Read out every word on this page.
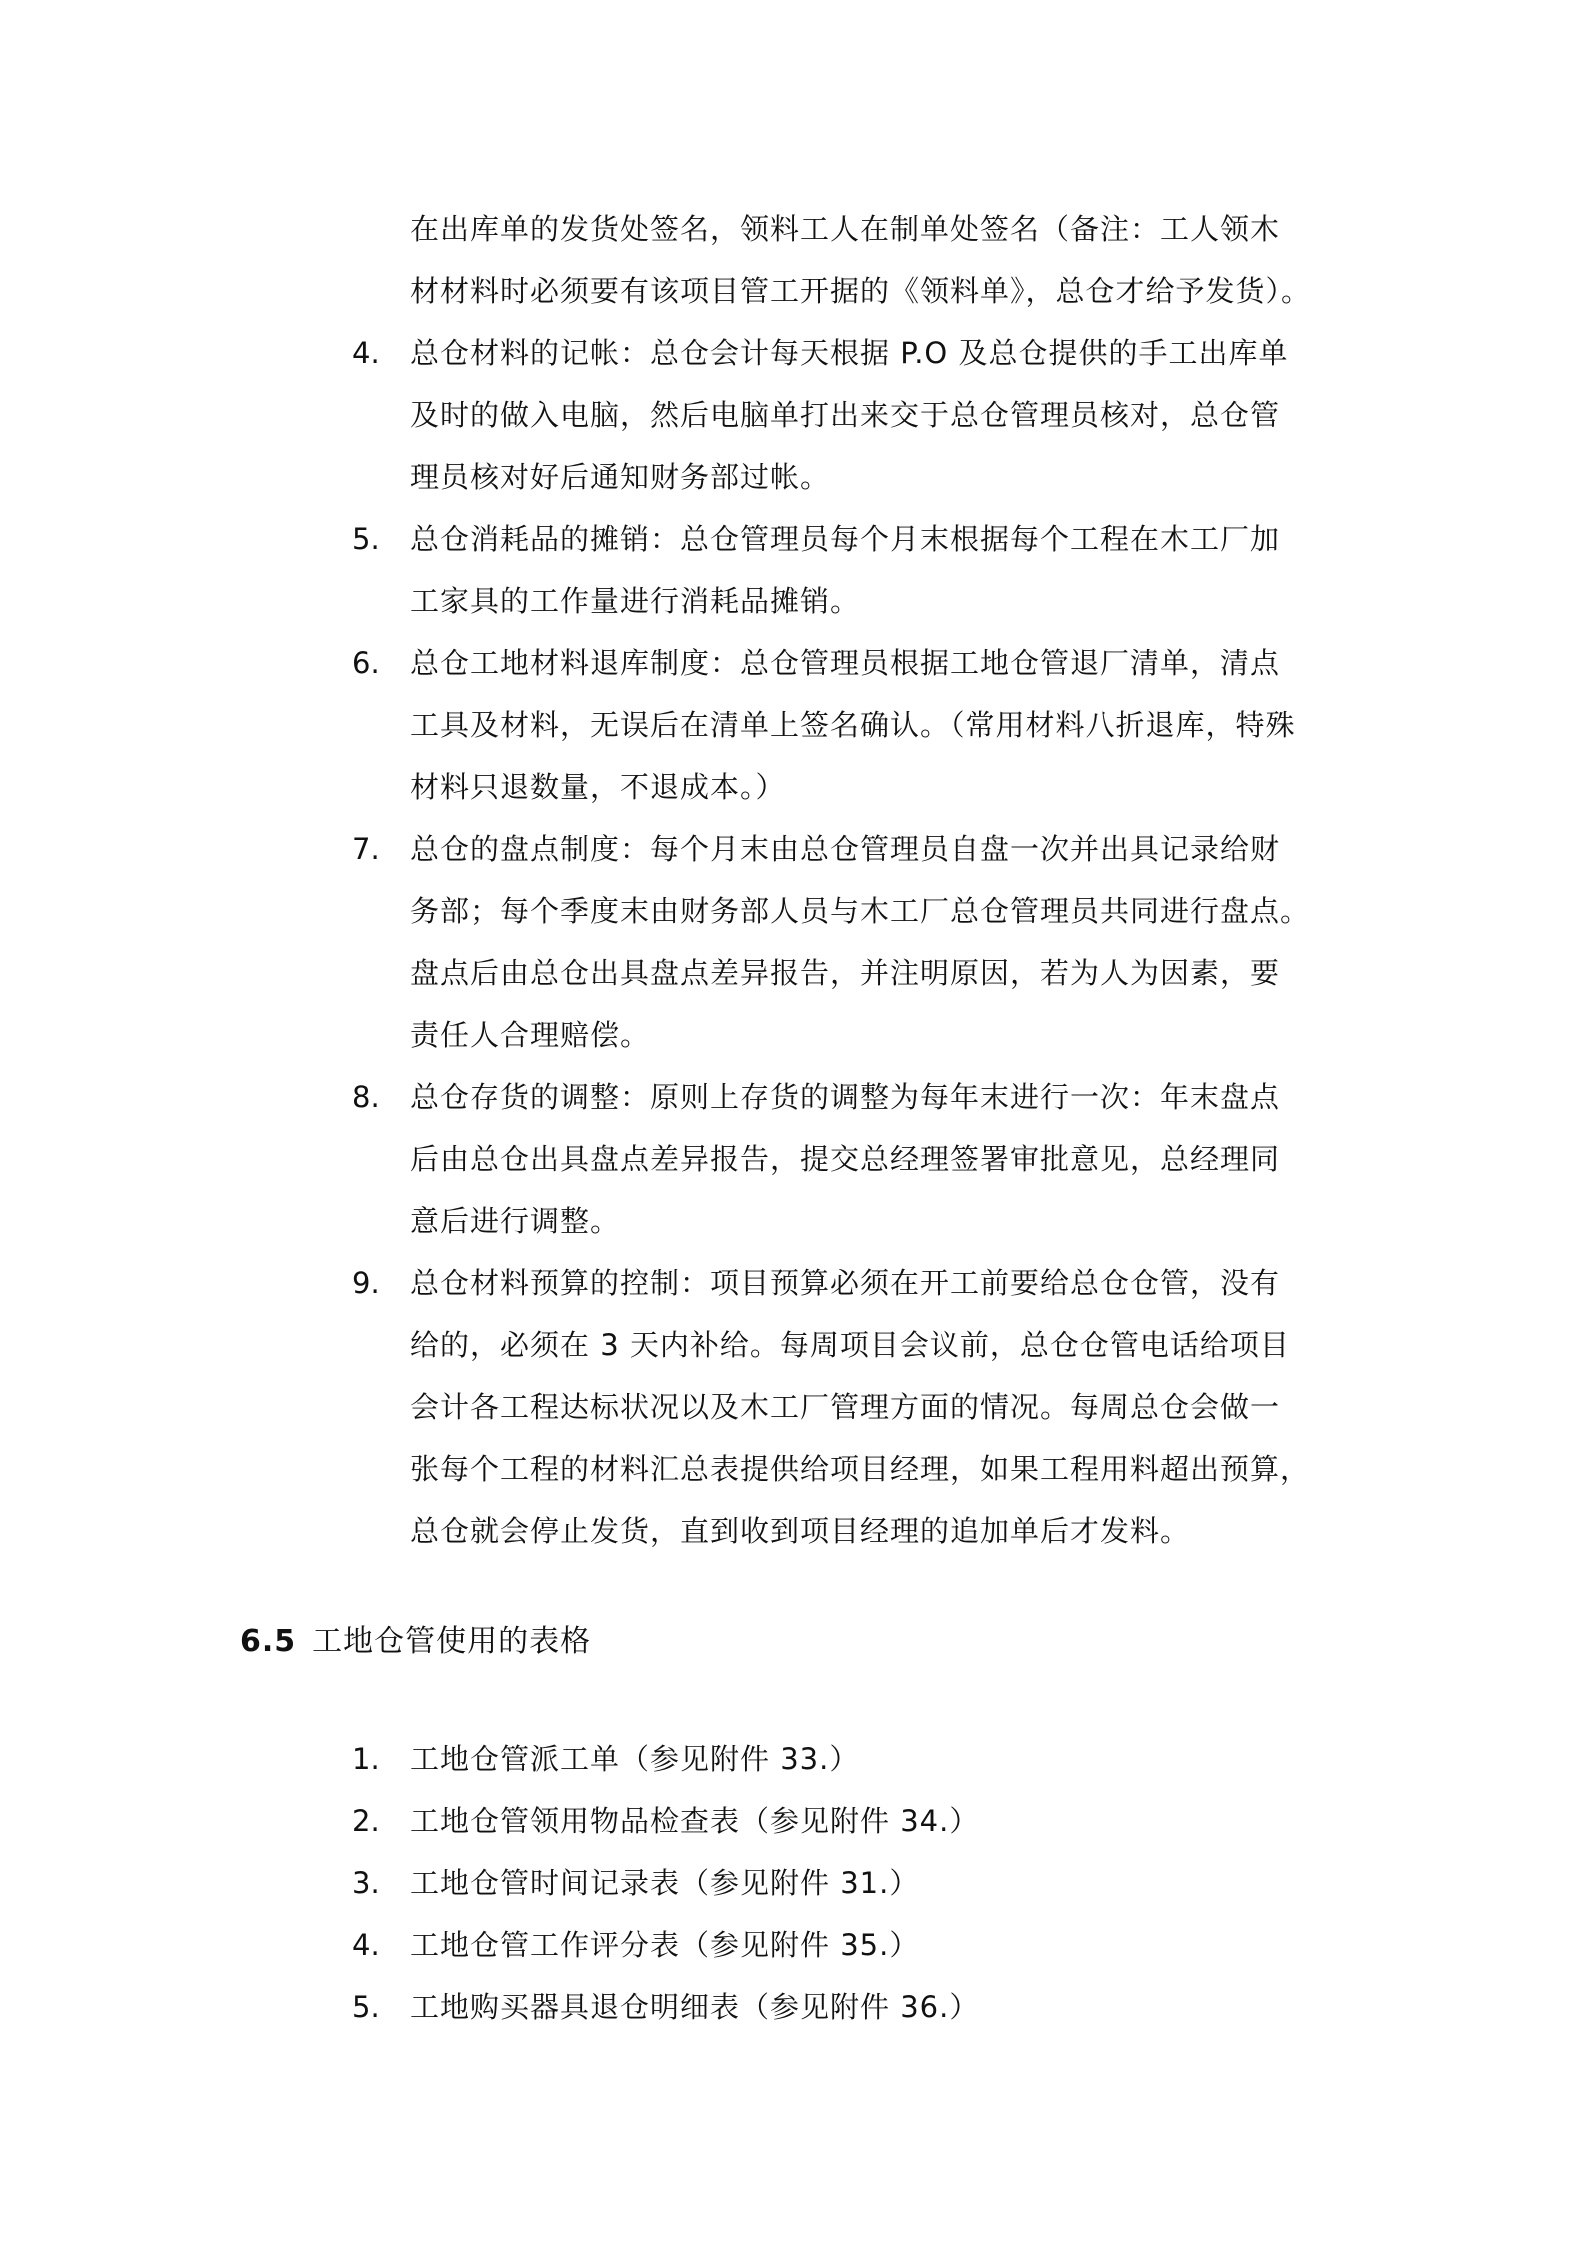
在出库单的发货处签名，领料工人在制单处签名（备注：工人领木
材材料时必须要有该项目管工开据的《领料单》，总仓才给予发货）。
4. 总仓材料的记帐：总仓会计每天根据 P.O 及总仓提供的手工出库单
及时的做入电脑，然后电脑单打出来交于总仓管理员核对，总仓管
理员核对好后通知财务部过帐。
5. 总仓消耗品的摊销：总仓管理员每个月末根据每个工程在木工厂加
工家具的工作量进行消耗品摊销。
6. 总仓工地材料退库制度：总仓管理员根据工地仓管退厂清单，清点
工具及材料，无误后在清单上签名确认。（常用材料八折退库，特殊
材料只退数量，不退成本。）
7. 总仓的盘点制度：每个月末由总仓管理员自盘一次并出具记录给财
务部；每个季度末由财务部人员与木工厂总仓管理员共同进行盘点。
盘点后由总仓出具盘点差异报告，并注明原因，若为人为因素，要
责任人合理赔偿。
8. 总仓存货的调整：原则上存货的调整为每年末进行一次：年末盘点
后由总仓出具盘点差异报告，提交总经理签署审批意见，总经理同
意后进行调整。
9. 总仓材料预算的控制：项目预算必须在开工前要给总仓仓管，没有
给的，必须在 3 天内补给。每周项目会议前，总仓仓管电话给项目
会计各工程达标状况以及木工厂管理方面的情况。每周总仓会做一
张每个工程的材料汇总表提供给项目经理，如果工程用料超出预算，
总仓就会停止发货，直到收到项目经理的追加单后才发料。
6.5 工地仓管使用的表格
1. 工地仓管派工单（参见附件 33.）
2. 工地仓管领用物品检查表（参见附件 34.）
3. 工地仓管时间记录表（参见附件 31.）
4. 工地仓管工作评分表（参见附件 35.）
5. 工地购买器具退仓明细表（参见附件 36.）
